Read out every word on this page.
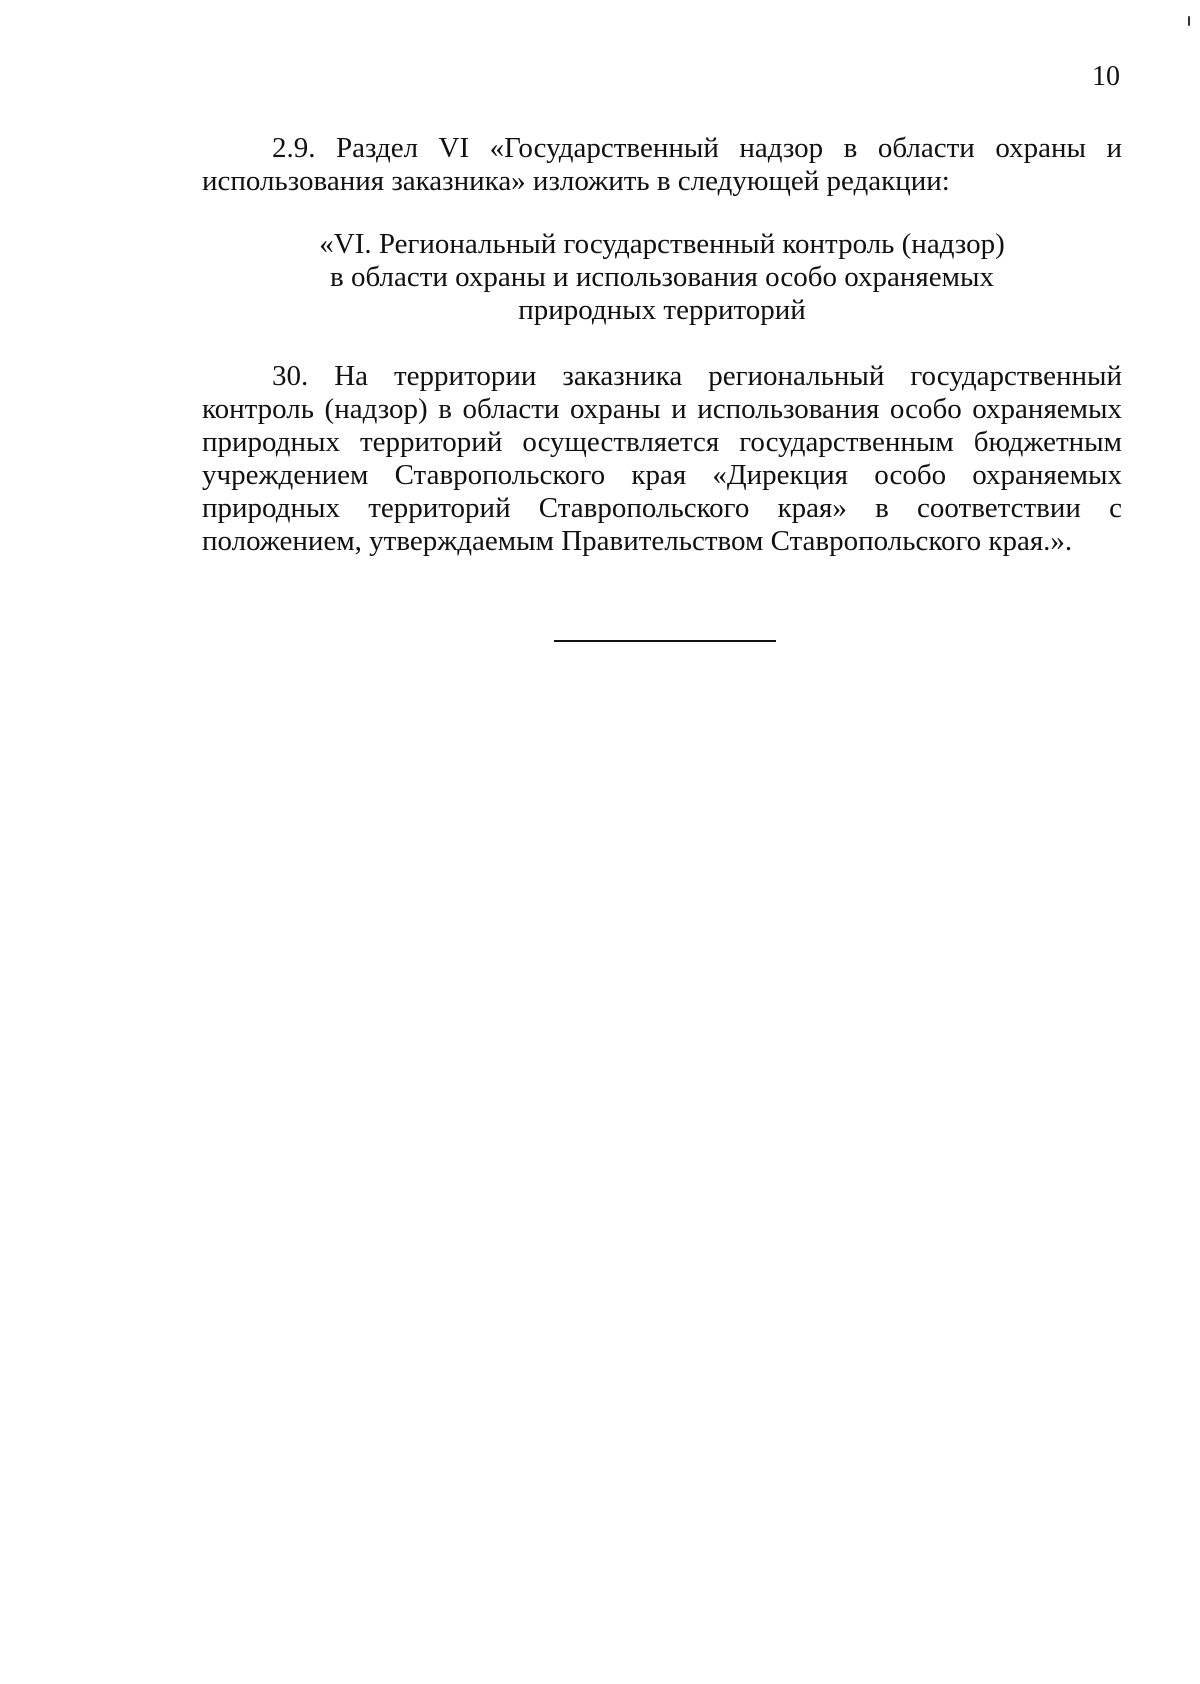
10

2.9. Раздел VI «Государственный надзор в области охраны и использования заказника» изложить в следующей редакции:

«VI. Региональный государственный контроль (надзор)
в области охраны и использования особо охраняемых
природных территорий

30. На территории заказника региональный государственный контроль (надзор) в области охраны и использования особо охраняемых природных территорий осуществляется государственным бюджетным учреждением Ставропольского края «Дирекция особо охраняемых природных территорий Ставропольского края» в соответствии с положением, утверждаемым Правительством Ставропольского края.».
